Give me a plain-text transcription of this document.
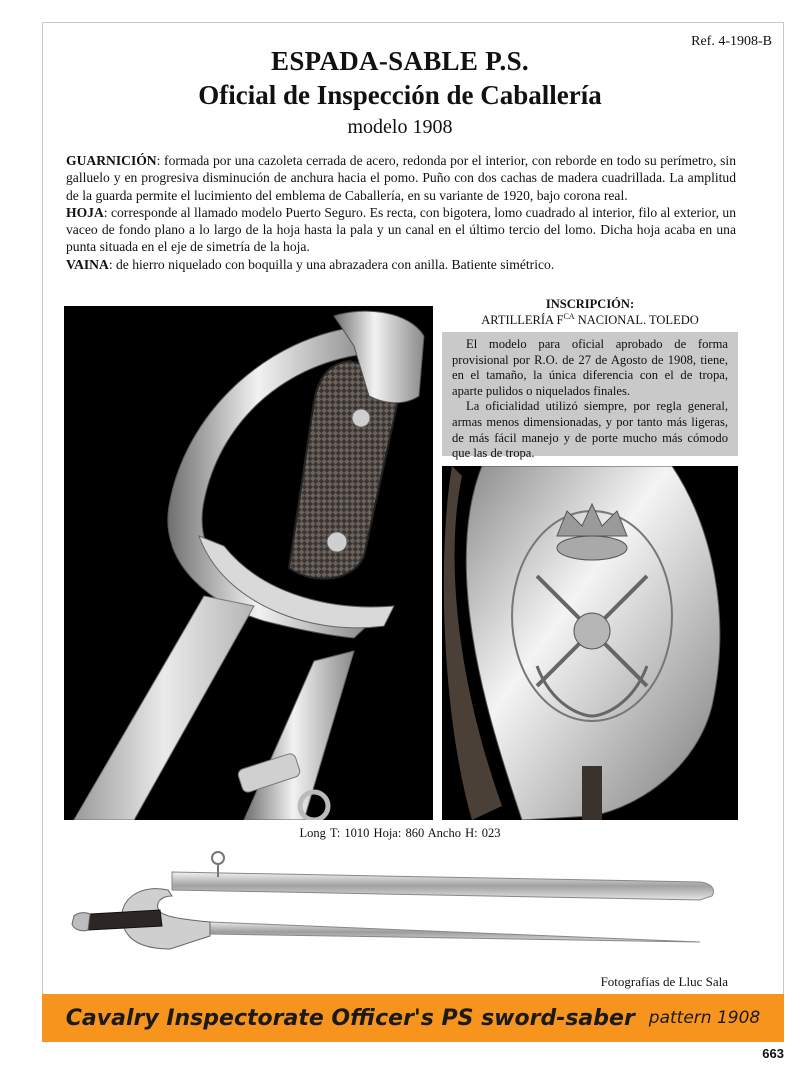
Ref. 4-1908-B
ESPADA-SABLE P.S.
Oficial de Inspección de Caballería
modelo 1908

GUARNICIÓN: formada por una cazoleta cerrada de acero, redonda por el interior, con reborde en todo su perímetro, sin galluelo y en progresiva disminución de anchura hacia el pomo. Puño con dos cachas de madera cuadrillada. La amplitud de la guarda permite el lucimiento del emblema de Caballería, en su variante de 1920, bajo corona real.

HOJA: corresponde al llamado modelo Puerto Seguro. Es recta, con bigotera, lomo cuadrado al interior, filo al exterior, un vaceo de fondo plano a lo largo de la hoja hasta la pala y un canal en el último tercio del lomo. Dicha hoja acaba en una punta situada en el eje de simetría de la hoja.

VAINA: de hierro niquelado con boquilla y una abrazadera con anilla. Batiente simétrico.

INSCRIPCIÓN:
ARTILLERÍA $F^{CA}$ NACIONAL. TOLEDO

El modelo para oficial aprobado de forma provisional por R.O. de 27 de Agosto de 1908, tiene, en el tamaño, la única diferencia con el de tropa, aparte pulidos o niquelados finales.

La oficialidad utilizó siempre, por regla general, armas menos dimensionadas, y por tanto más ligeras, de más fácil manejo y de porte mucho más cómodo que las de tropa.

Long T: 1010 Hoja: 860 Ancho H: 023
Fotografías de Lluc Sala
Cavalry Inspectorate Officer's PS sword-saber pattern 1908
663
